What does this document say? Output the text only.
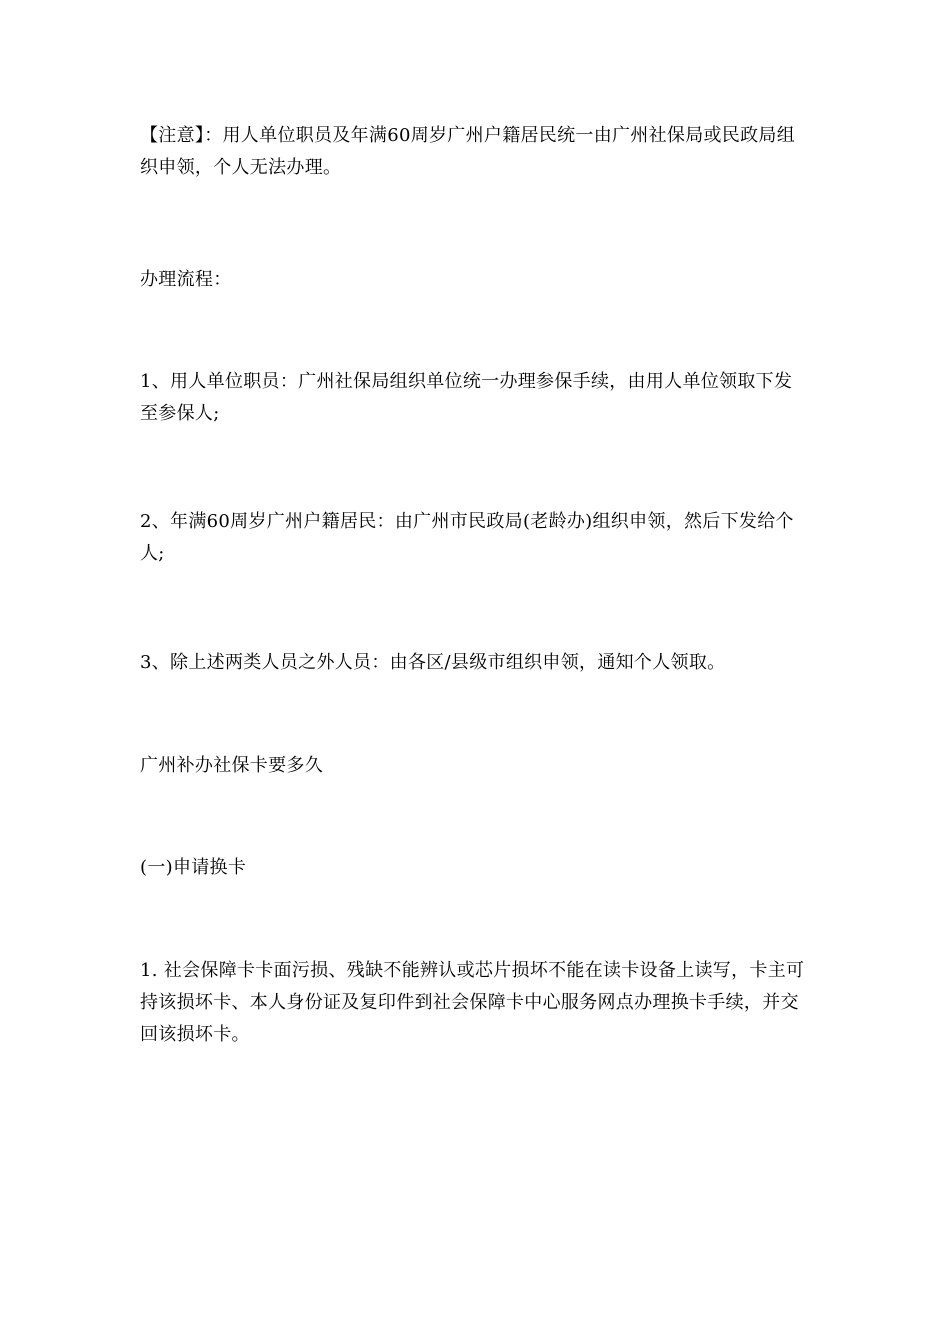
【注意】：用人单位职员及年满60周岁广州户籍居民统一由广州社保局或民政局组织申领，个人无法办理。
办理流程：
1、用人单位职员：广州社保局组织单位统一办理参保手续，由用人单位领取下发至参保人;
2、年满60周岁广州户籍居民：由广州市民政局(老龄办)组织申领，然后下发给个人;
3、除上述两类人员之外人员：由各区/县级市组织申领，通知个人领取。
广州补办社保卡要多久
(一)申请换卡
1. 社会保障卡卡面污损、残缺不能辨认或芯片损坏不能在读卡设备上读写，卡主可持该损坏卡、本人身份证及复印件到社会保障卡中心服务网点办理换卡手续，并交回该损坏卡。
